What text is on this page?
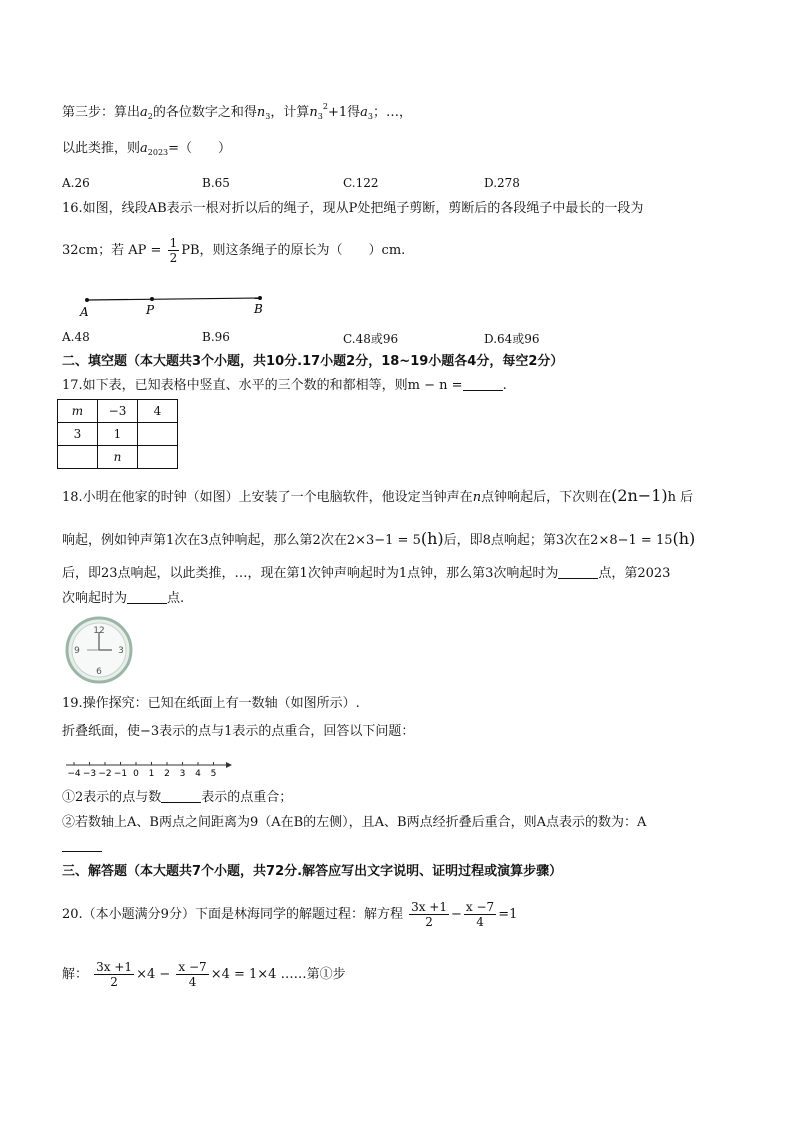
第三步：算出$a_2$的各位数字之和得$n_3$，计算$n_3^2+1$得$a_3$；…，
以此类推，则$a_{2023}=$（　　）
A.26	B.65	C.122	D.278
16.如图，线段AB表示一根对折以后的绳子，现从P处把绳子剪断，剪断后的各段绳子中最长的一段为
32cm；若 AP = $\frac{1}{2}$ PB，则这条绳子的原长为（　　）cm.
A	P	B
A.48	B.96	C.48或96	D.64或96
二、填空题（本大题共3个小题，共10分.17小题2分，18~19小题各4分，每空2分）
17.如下表，已知表格中竖直、水平的三个数的和都相等，则m − n =	.
m	−3	4
3	1	
	n	
18.小明在他家的时钟（如图）上安装了一个电脑软件，他设定当钟声在n点钟响起后，下次则在(2n−1)h 后
响起，例如钟声第1次在3点钟响起，那么第2次在2×3−1 = 5(h)后，即8点响起；第3次在2×8−1 = 15(h)
后，即23点响起，以此类推，…，现在第1次钟声响起时为1点钟，那么第3次响起时为	点，第2023
次响起时为	点.
12
3
6
9
19.操作探究：已知在纸面上有一数轴（如图所示）.
折叠纸面，使−3表示的点与1表示的点重合，回答以下问题：
−4 −3 −2 −1 0 1 2 3 4 5
①2表示的点与数	表示的点重合；
②若数轴上A、B两点之间距离为9（A在B的左侧），且A、B两点经折叠后重合，则A点表示的数为：A
三、解答题（本大题共7个小题，共72分.解答应写出文字说明、证明过程或演算步骤）
20.（本小题满分9分）下面是林海同学的解题过程：解方程 $\frac{3x +1}{2} - \frac{x -7}{4} =1$
解： $\frac{3x +1}{2} \times 4 - \frac{x -7}{4} \times 4 = 1\times 4$ ……第①步
